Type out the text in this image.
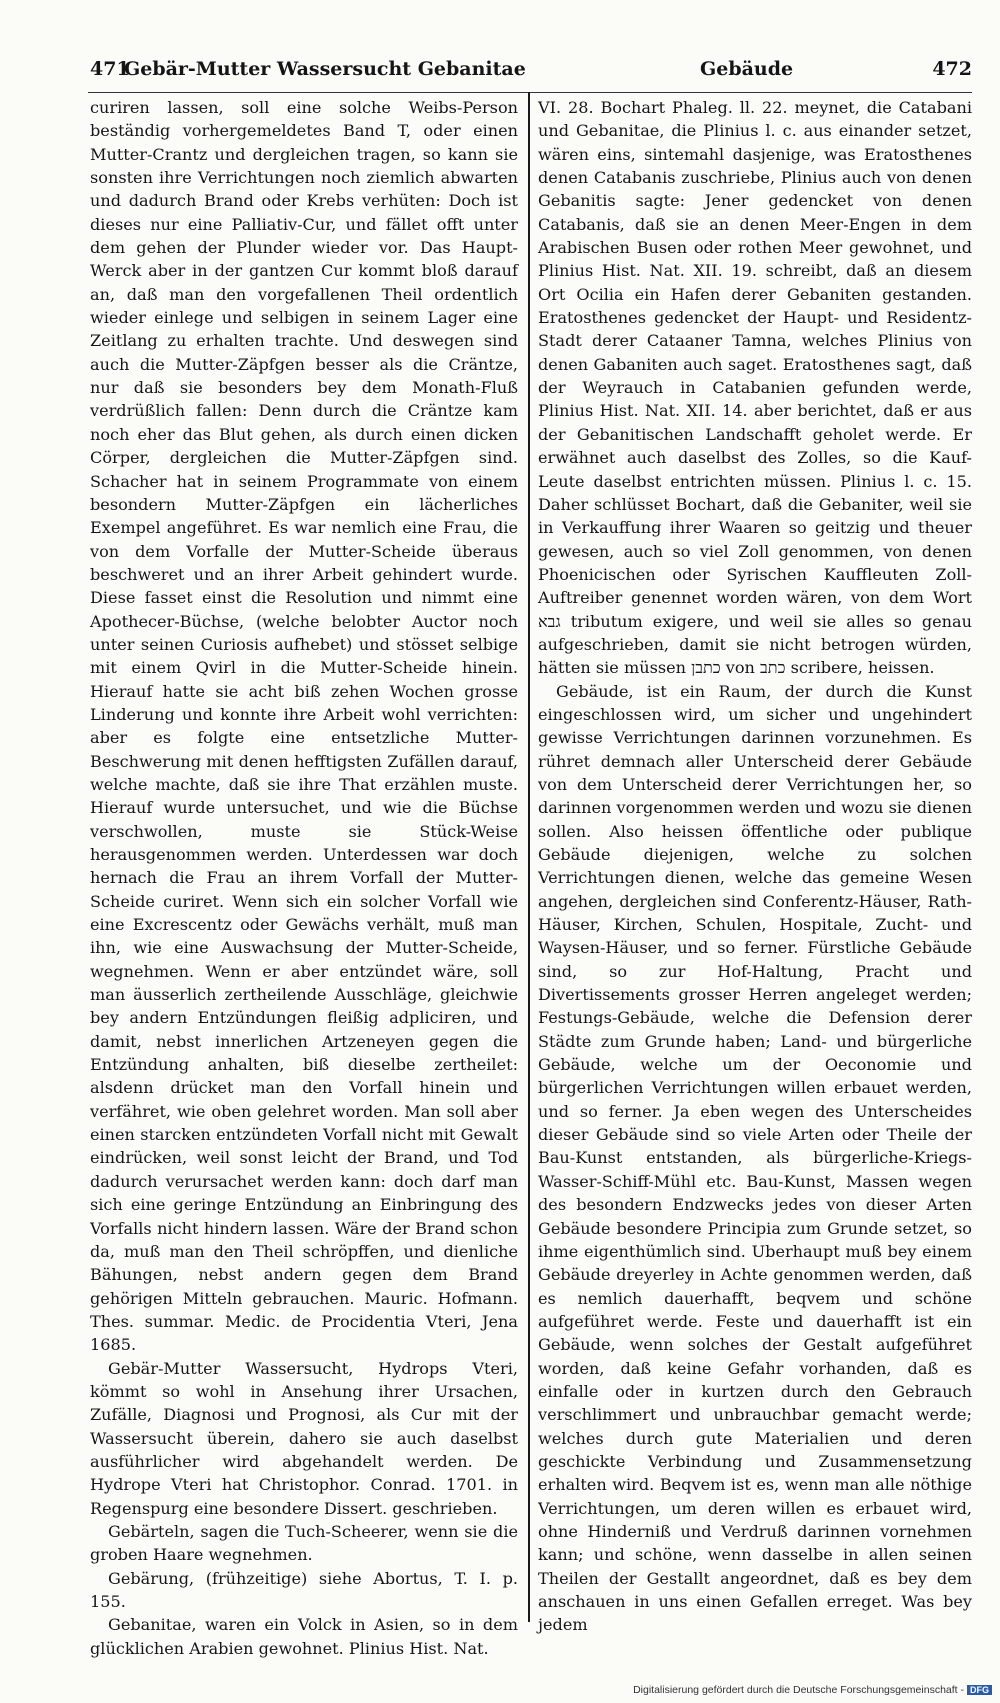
471
Gebär-Mutter Wassersucht Gebanitae	Gebäude	472

curiren lassen, soll eine solche Weibs-Person beständig vorhergemeldetes Band T, oder einen Mutter-Crantz und dergleichen tragen, so kann sie sonsten ihre Verrichtungen noch ziemlich abwarten und dadurch Brand oder Krebs verhüten: Doch ist dieses nur eine Palliativ-Cur, und fället offt unter dem gehen der Plunder wieder vor. Das Haupt-Werck aber in der gantzen Cur kommt bloß darauf an, daß man den vorgefallenen Theil ordentlich wieder einlege und selbigen in seinem Lager eine Zeitlang zu erhalten trachte. Und deswegen sind auch die Mutter-Zäpfgen besser als die Cräntze, nur daß sie besonders bey dem Monath-Fluß verdrüßlich fallen: Denn durch die Cräntze kam noch eher das Blut gehen, als durch einen dicken Cörper, dergleichen die Mutter-Zäpfgen sind. Schacher hat in seinem Programmate von einem besondern Mutter-Zäpfgen ein lächerliches Exempel angeführet. Es war nemlich eine Frau, die von dem Vorfalle der Mutter-Scheide überaus beschweret und an ihrer Arbeit gehindert wurde. Diese fasset einst die Resolution und nimmt eine Apothecer-Büchse, (welche belobter Auctor noch unter seinen Curiosis aufhebet) und stösset selbige mit einem Qvirl in die Mutter-Scheide hinein. Hierauf hatte sie acht biß zehen Wochen grosse Linderung und konnte ihre Arbeit wohl verrichten: aber es folgte eine entsetzliche Mutter-Beschwerung mit denen hefftigsten Zufällen darauf, welche machte, daß sie ihre That erzählen muste. Hierauf wurde untersuchet, und wie die Büchse verschwollen, muste sie Stück-Weise herausgenommen werden. Unterdessen war doch hernach die Frau an ihrem Vorfall der Mutter-Scheide curiret. Wenn sich ein solcher Vorfall wie eine Excrescentz oder Gewächs verhält, muß man ihn, wie eine Auswachsung der Mutter-Scheide, wegnehmen. Wenn er aber entzündet wäre, soll man äusserlich zertheilende Ausschläge, gleichwie bey andern Entzündungen fleißig adpliciren, und damit, nebst innerlichen Artzeneyen gegen die Entzündung anhalten, biß dieselbe zertheilet: alsdenn drücket man den Vorfall hinein und verfähret, wie oben gelehret worden. Man soll aber einen starcken entzündeten Vorfall nicht mit Gewalt eindrücken, weil sonst leicht der Brand, und Tod dadurch verursachet werden kann: doch darf man sich eine geringe Entzündung an Einbringung des Vorfalls nicht hindern lassen. Wäre der Brand schon da, muß man den Theil schröpffen, und dienliche Bähungen, nebst andern gegen dem Brand gehörigen Mitteln gebrauchen. Mauric. Hofmann. Thes. summar. Medic. de Procidentia Vteri, Jena 1685.

Gebär-Mutter Wassersucht, Hydrops Vteri, kömmt so wohl in Ansehung ihrer Ursachen, Zufälle, Diagnosi und Prognosi, als Cur mit der Wassersucht überein, dahero sie auch daselbst ausführlicher wird abgehandelt werden. De Hydrope Vteri hat Christophor. Conrad. 1701. in Regenspurg eine besondere Dissert. geschrieben.

Gebärteln, sagen die Tuch-Scheerer, wenn sie die groben Haare wegnehmen.

Gebärung, (frühzeitige) siehe Abortus, T. I. p. 155.

Gebanitae, waren ein Volck in Asien, so in dem glücklichen Arabien gewohnet. Plinius Hist. Nat.

VI. 28. Bochart Phaleg. ll. 22. meynet, die Catabani und Gebanitae, die Plinius l. c. aus einander setzet, wären eins, sintemahl dasjenige, was Eratosthenes denen Catabanis zuschriebe, Plinius auch von denen Gebanitis sagte: Jener gedencket von denen Catabanis, daß sie an denen Meer-Engen in dem Arabischen Busen oder rothen Meer gewohnet, und Plinius Hist. Nat. XII. 19. schreibt, daß an diesem Ort Ocilia ein Hafen derer Gebaniten gestanden. Eratosthenes gedencket der Haupt- und Residentz-Stadt derer Cataaner Tamna, welches Plinius von denen Gabaniten auch saget. Eratosthenes sagt, daß der Weyrauch in Catabanien gefunden werde, Plinius Hist. Nat. XII. 14. aber berichtet, daß er aus der Gebanitischen Landschafft geholet werde. Er erwähnet auch daselbst des Zolles, so die Kauf-Leute daselbst entrichten müssen. Plinius l. c. 15. Daher schlüsset Bochart, daß die Gebaniter, weil sie in Verkauffung ihrer Waaren so geitzig und theuer gewesen, auch so viel Zoll genommen, von denen Phoenicischen oder Syrischen Kauffleuten Zoll-Auftreiber genennet worden wären, von dem Wort גבא tributum exigere, und weil sie alles so genau aufgeschrieben, damit sie nicht betrogen würden, hätten sie müssen כתבן von כתב scribere, heissen.

Gebäude, ist ein Raum, der durch die Kunst eingeschlossen wird, um sicher und ungehindert gewisse Verrichtungen darinnen vorzunehmen. Es rühret demnach aller Unterscheid derer Gebäude von dem Unterscheid derer Verrichtungen her, so darinnen vorgenommen werden und wozu sie dienen sollen. Also heissen öffentliche oder publique Gebäude diejenigen, welche zu solchen Verrichtungen dienen, welche das gemeine Wesen angehen, dergleichen sind Conferentz-Häuser, Rath-Häuser, Kirchen, Schulen, Hospitale, Zucht- und Waysen-Häuser, und so ferner. Fürstliche Gebäude sind, so zur Hof-Haltung, Pracht und Divertissements grosser Herren angeleget werden; Festungs-Gebäude, welche die Defension derer Städte zum Grunde haben; Land- und bürgerliche Gebäude, welche um der Oeconomie und bürgerlichen Verrichtungen willen erbauet werden, und so ferner. Ja eben wegen des Unterscheides dieser Gebäude sind so viele Arten oder Theile der Bau-Kunst entstanden, als bürgerliche-Kriegs-Wasser-Schiff-Mühl etc. Bau-Kunst, Massen wegen des besondern Endzwecks jedes von dieser Arten Gebäude besondere Principia zum Grunde setzet, so ihme eigenthümlich sind. Uberhaupt muß bey einem Gebäude dreyerley in Achte genommen werden, daß es nemlich dauerhafft, beqvem und schöne aufgeführet werde. Feste und dauerhafft ist ein Gebäude, wenn solches der Gestalt aufgeführet worden, daß keine Gefahr vorhanden, daß es einfalle oder in kurtzen durch den Gebrauch verschlimmert und unbrauchbar gemacht werde; welches durch gute Materialien und deren geschickte Verbindung und Zusammensetzung erhalten wird. Beqvem ist es, wenn man alle nöthige Verrichtungen, um deren willen es erbauet wird, ohne Hinderniß und Verdruß darinnen vornehmen kann; und schöne, wenn dasselbe in allen seinen Theilen der Gestallt angeordnet, daß es bey dem anschauen in uns einen Gefallen erreget. Was bey jedem

Digitalisierung gefördert durch die Deutsche Forschungsgemeinschaft - DFG
